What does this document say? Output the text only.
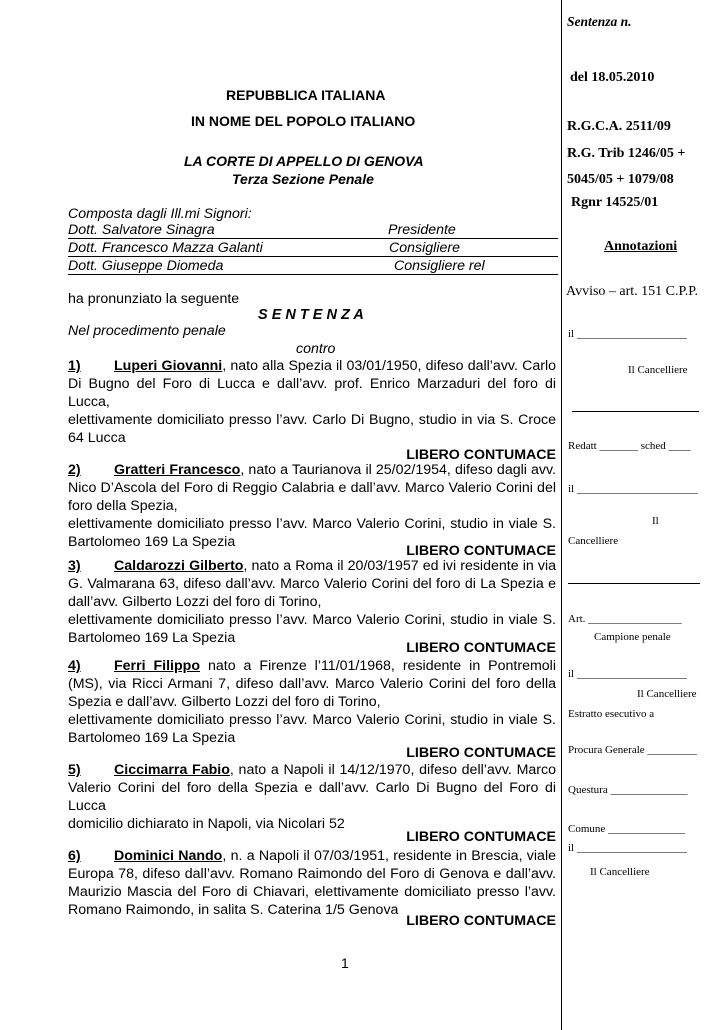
Sentenza n.
del 18.05.2010
R.G.C.A. 2511/09
R.G. Trib 1246/05 +
5045/05 + 1079/08
Rgnr 14525/01
Annotazioni
Avviso – art. 151 C.P.P.
il ____________________
Il Cancelliere
Redatt _______ sched ____
il ______________________
Il
Cancelliere
Art. _________________
Campione penale
il ____________________
Il Cancelliere
Estratto esecutivo a
Procura Generale _________
Questura ______________
Comune ______________
il ____________________
Il Cancelliere
REPUBBLICA ITALIANA
IN NOME DEL POPOLO ITALIANO
LA CORTE DI APPELLO DI GENOVA
Terza Sezione Penale
Composta dagli Ill.mi Signori:
Dott. Salvatore Sinagra	Presidente
Dott. Francesco Mazza Galanti	Consigliere
Dott. Giuseppe Diomeda	Consigliere rel
ha pronunziato la seguente
S E N T E N Z A
Nel procedimento penale
contro
1) Luperi Giovanni, nato alla Spezia il 03/01/1950, difeso dall’avv. Carlo Di Bugno del Foro di Lucca e dall’avv. prof. Enrico Marzaduri del foro di Lucca,
elettivamente domiciliato presso l’avv. Carlo Di Bugno, studio in via S. Croce 64 Lucca
LIBERO CONTUMACE
2) Gratteri Francesco, nato a Taurianova il 25/02/1954, difeso dagli avv. Nico D’Ascola del Foro di Reggio Calabria e dall’avv. Marco Valerio Corini del foro della Spezia,
elettivamente domiciliato presso l’avv. Marco Valerio Corini, studio in viale S. Bartolomeo 169 La Spezia
LIBERO CONTUMACE
3) Caldarozzi Gilberto, nato a Roma il 20/03/1957 ed ivi residente in via G. Valmarana 63, difeso dall’avv. Marco Valerio Corini del foro di La Spezia e dall’avv. Gilberto Lozzi del foro di Torino,
elettivamente domiciliato presso l’avv. Marco Valerio Corini, studio in viale S. Bartolomeo 169 La Spezia
LIBERO CONTUMACE
4) Ferri Filippo nato a Firenze l’11/01/1968, residente in Pontremoli (MS), via Ricci Armani 7, difeso dall’avv. Marco Valerio Corini del foro della Spezia e dall’avv. Gilberto Lozzi del foro di Torino,
elettivamente domiciliato presso l’avv. Marco Valerio Corini, studio in viale S. Bartolomeo 169 La Spezia
LIBERO CONTUMACE
5) Ciccimarra Fabio, nato a Napoli il 14/12/1970, difeso dell’avv. Marco Valerio Corini del foro della Spezia e dall’avv. Carlo Di Bugno del Foro di Lucca
domicilio dichiarato in Napoli, via Nicolari 52
LIBERO CONTUMACE
6) Dominici Nando, n. a Napoli il 07/03/1951, residente in Brescia, viale Europa 78, difeso dall’avv. Romano Raimondo del Foro di Genova e dall’avv. Maurizio Mascia del Foro di Chiavari, elettivamente domiciliato presso l’avv. Romano Raimondo, in salita S. Caterina 1/5 Genova
LIBERO CONTUMACE
1
